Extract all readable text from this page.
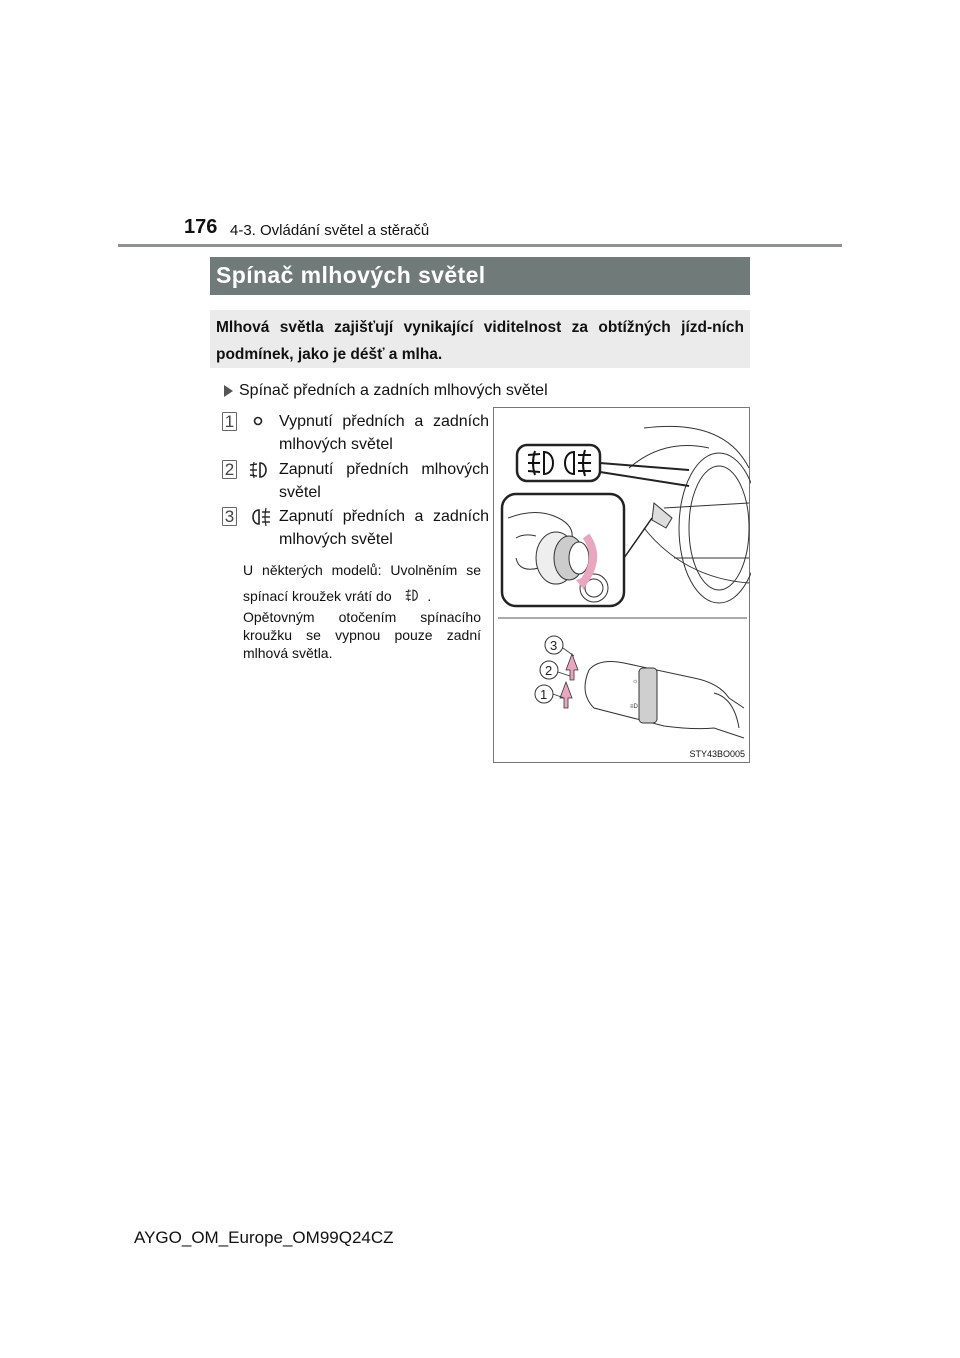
176 4-3. Ovládání světel a stěračů
Spínač mlhových světel

Mlhová světla zajišťují vynikající viditelnost za obtížných jízd-ních podmínek, jako je déšť a mlha.

Spínač předních a zadních mlhových světel
1	Vypnutí předních a zadních mlhových světel
2	Zapnutí předních mlhových světel
3	Zapnutí předních a zadních mlhových světel
U některých modelů: Uvolněním se spínací kroužek vrátí do	.
Opětovným otočením spínacího kroužku se vypnou pouze zadní mlhová světla.
☼
≡D
3
2
1
STY43BO005
AYGO_OM_Europe_OM99Q24CZ
